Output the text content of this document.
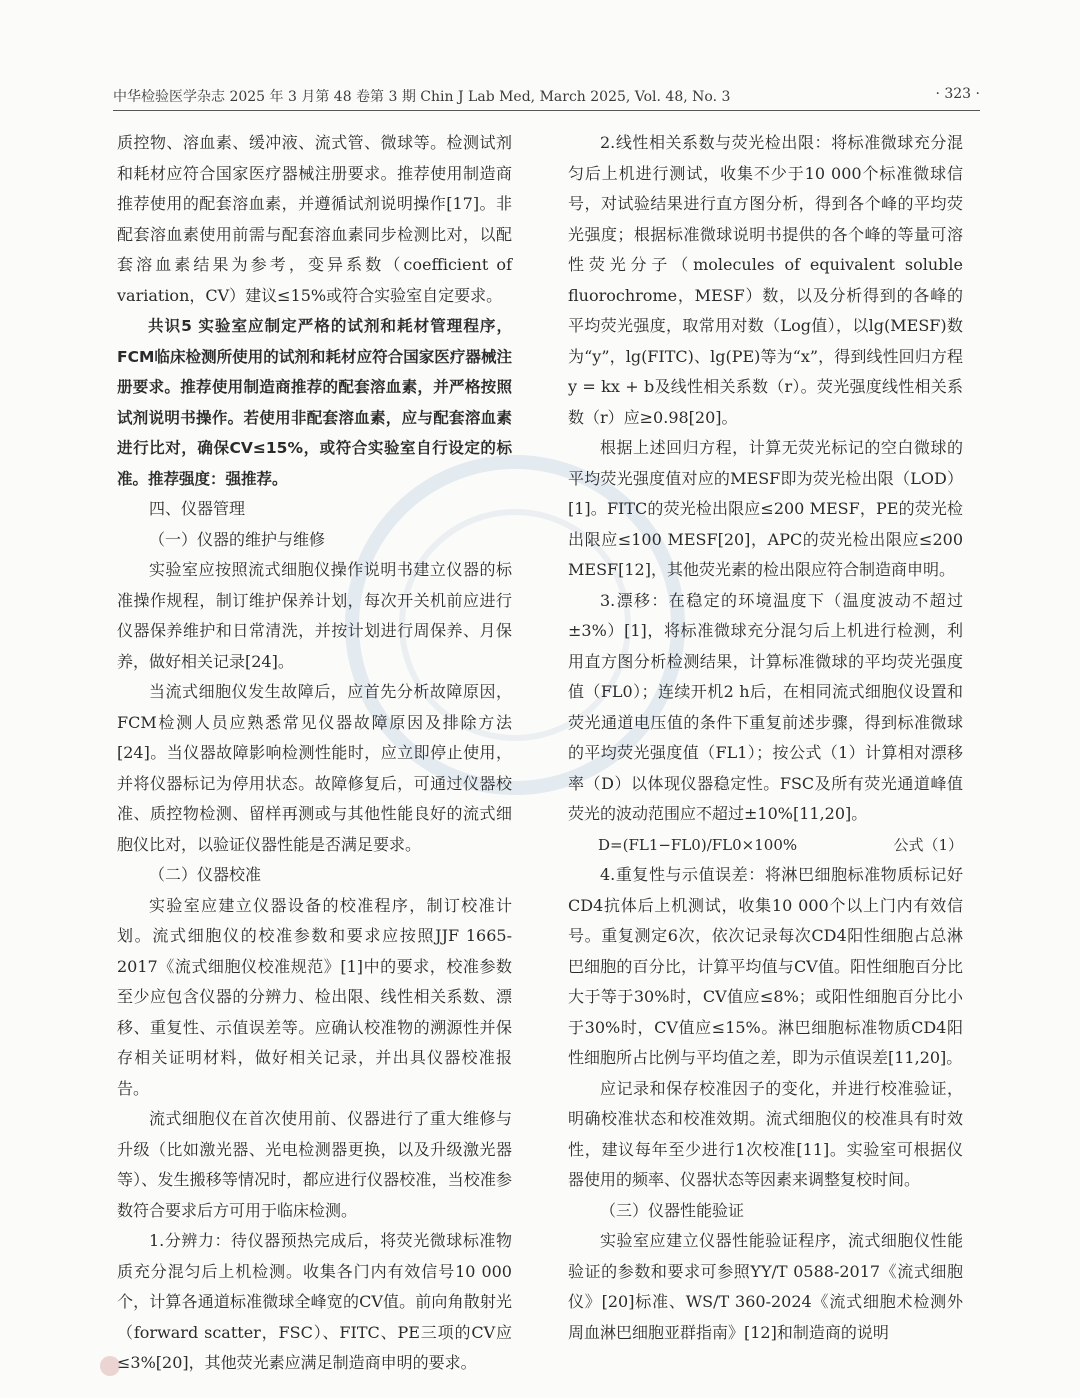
中华检验医学杂志 2025 年 3 月第 48 卷第 3 期 Chin J Lab Med, March 2025, Vol. 48, No. 3	· 323 ·

质控物、溶血素、缓冲液、流式管、微球等。检测试剂和耗材应符合国家医疗器械注册要求。推荐使用制造商推荐使用的配套溶血素，并遵循试剂说明操作[17]。非配套溶血素使用前需与配套溶血素同步检测比对，以配套溶血素结果为参考，变异系数（coefficient of variation，CV）建议≤15%或符合实验室自定要求。

共识5 实验室应制定严格的试剂和耗材管理程序，FCM临床检测所使用的试剂和耗材应符合国家医疗器械注册要求。推荐使用制造商推荐的配套溶血素，并严格按照试剂说明书操作。若使用非配套溶血素，应与配套溶血素进行比对，确保CV≤15%，或符合实验室自行设定的标准。推荐强度：强推荐。

四、仪器管理

（一）仪器的维护与维修

实验室应按照流式细胞仪操作说明书建立仪器的标准操作规程，制订维护保养计划，每次开关机前应进行仪器保养维护和日常清洗，并按计划进行周保养、月保养，做好相关记录[24]。

当流式细胞仪发生故障后，应首先分析故障原因，FCM检测人员应熟悉常见仪器故障原因及排除方法[24]。当仪器故障影响检测性能时，应立即停止使用，并将仪器标记为停用状态。故障修复后，可通过仪器校准、质控物检测、留样再测或与其他性能良好的流式细胞仪比对，以验证仪器性能是否满足要求。

（二）仪器校准

实验室应建立仪器设备的校准程序，制订校准计划。流式细胞仪的校准参数和要求应按照JJF 1665-2017《流式细胞仪校准规范》[1]中的要求，校准参数至少应包含仪器的分辨力、检出限、线性相关系数、漂移、重复性、示值误差等。应确认校准物的溯源性并保存相关证明材料，做好相关记录，并出具仪器校准报告。

流式细胞仪在首次使用前、仪器进行了重大维修与升级（比如激光器、光电检测器更换，以及升级激光器等）、发生搬移等情况时，都应进行仪器校准，当校准参数符合要求后方可用于临床检测。

1.分辨力：待仪器预热完成后，将荧光微球标准物质充分混匀后上机检测。收集各门内有效信号10 000个，计算各通道标准微球全峰宽的CV值。前向角散射光（forward scatter，FSC）、FITC、PE三项的CV应≤3%[20]，其他荧光素应满足制造商申明的要求。

2.线性相关系数与荧光检出限：将标准微球充分混匀后上机进行测试，收集不少于10 000个标准微球信号，对试验结果进行直方图分析，得到各个峰的平均荧光强度；根据标准微球说明书提供的各个峰的等量可溶性荧光分子（molecules of equivalent soluble fluorochrome，MESF）数，以及分析得到的各峰的平均荧光强度，取常用对数（Log值），以lg(MESF)数为“y”，lg(FITC)、lg(PE)等为“x”，得到线性回归方程y = kx + b及线性相关系数（r）。荧光强度线性相关系数（r）应≥0.98[20]。

根据上述回归方程，计算无荧光标记的空白微球的平均荧光强度值对应的MESF即为荧光检出限（LOD）[1]。FITC的荧光检出限应≤200 MESF，PE的荧光检出限应≤100 MESF[20]，APC的荧光检出限应≤200 MESF[12]，其他荧光素的检出限应符合制造商申明。

3.漂移：在稳定的环境温度下（温度波动不超过±3%）[1]，将标准微球充分混匀后上机进行检测，利用直方图分析检测结果，计算标准微球的平均荧光强度值（FL0）；连续开机2 h后，在相同流式细胞仪设置和荧光通道电压值的条件下重复前述步骤，得到标准微球的平均荧光强度值（FL1）；按公式（1）计算相对漂移率（D）以体现仪器稳定性。FSC及所有荧光通道峰值荧光的波动范围应不超过±10%[11,20]。

D=(FL1−FL0)/FL0×100%	公式（1）

4.重复性与示值误差：将淋巴细胞标准物质标记好CD4抗体后上机测试，收集10 000个以上门内有效信号。重复测定6次，依次记录每次CD4阳性细胞占总淋巴细胞的百分比，计算平均值与CV值。阳性细胞百分比大于等于30%时，CV值应≤8%；或阳性细胞百分比小于30%时，CV值应≤15%。淋巴细胞标准物质CD4阳性细胞所占比例与平均值之差，即为示值误差[11,20]。

应记录和保存校准因子的变化，并进行校准验证，明确校准状态和校准效期。流式细胞仪的校准具有时效性，建议每年至少进行1次校准[11]。实验室可根据仪器使用的频率、仪器状态等因素来调整复校时间。

（三）仪器性能验证

实验室应建立仪器性能验证程序，流式细胞仪性能验证的参数和要求可参照YY/T 0588-2017《流式细胞仪》[20]标准、WS/T 360-2024《流式细胞术检测外周血淋巴细胞亚群指南》[12]和制造商的说明
